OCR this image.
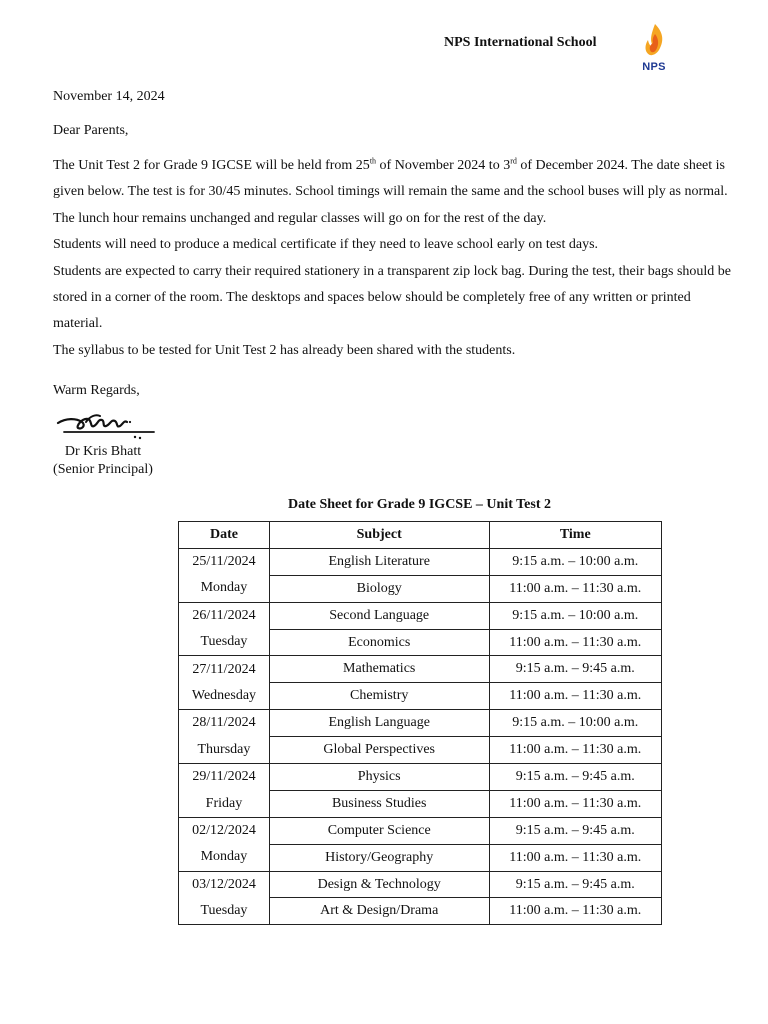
NPS International School
NPS
November 14, 2024
Dear Parents,

The Unit Test 2 for Grade 9 IGCSE will be held from 25th of November 2024 to 3rd of December 2024. The date sheet is given below. The test is for 30/45 minutes. School timings will remain the same and the school buses will ply as normal. The lunch hour remains unchanged and regular classes will go on for the rest of the day.

Students will need to produce a medical certificate if they need to leave school early on test days.

Students are expected to carry their required stationery in a transparent zip lock bag. During the test, their bags should be stored in a corner of the room. The desktops and spaces below should be completely free of any written or printed material.

The syllabus to be tested for Unit Test 2 has already been shared with the students.

Warm Regards,
Dr Kris Bhatt
(Senior Principal)
Date Sheet for Grade 9 IGCSE – Unit Test 2
Date	Subject	Time
25/11/2024	English Literature	9:15 a.m. – 10:00 a.m.
Monday	Biology	11:00 a.m. – 11:30 a.m.
26/11/2024	Second Language	9:15 a.m. – 10:00 a.m.
Tuesday	Economics	11:00 a.m. – 11:30 a.m.
27/11/2024	Mathematics	9:15 a.m. – 9:45 a.m.
Wednesday	Chemistry	11:00 a.m. – 11:30 a.m.
28/11/2024	English Language	9:15 a.m. – 10:00 a.m.
Thursday	Global Perspectives	11:00 a.m. – 11:30 a.m.
29/11/2024	Physics	9:15 a.m. – 9:45 a.m.
Friday	Business Studies	11:00 a.m. – 11:30 a.m.
02/12/2024	Computer Science	9:15 a.m. – 9:45 a.m.
Monday	History/Geography	11:00 a.m. – 11:30 a.m.
03/12/2024	Design & Technology	9:15 a.m. – 9:45 a.m.
Tuesday	Art & Design/Drama	11:00 a.m. – 11:30 a.m.
